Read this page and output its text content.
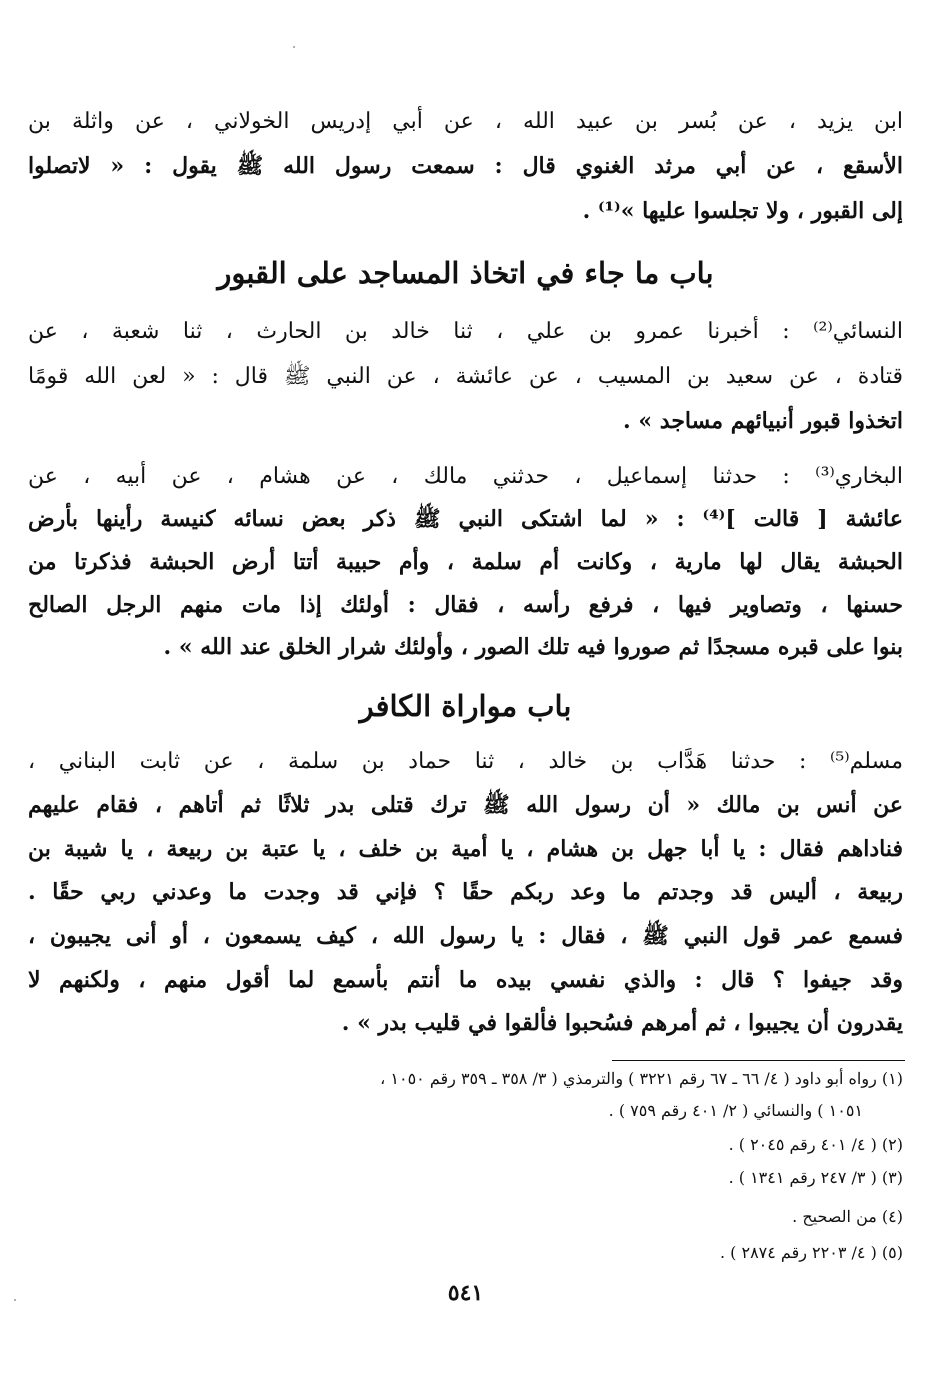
ابن يزيد ، عن بُسر بن عبيد الله ، عن أبي إدريس الخولاني ، عن واثلة بن
الأسقع ، عن أبي مرثد الغنوي قال : سمعت رسول الله ﷺ يقول : « لاتصلوا
إلى القبور ، ولا تجلسوا عليها »⁽¹⁾ .
باب ما جاء في اتخاذ المساجد على القبور
النسائي⁽²⁾ : أخبرنا عمرو بن علي ، ثنا خالد بن الحارث ، ثنا شعبة ، عن
قتادة ، عن سعيد بن المسيب ، عن عائشة ، عن النبي ﷺ قال : « لعن الله قومًا
اتخذوا قبور أنبيائهم مساجد » .
البخاري⁽³⁾ : حدثنا إسماعيل ، حدثني مالك ، عن هشام ، عن أبيه ، عن
عائشة [ قالت ]⁽⁴⁾ : « لما اشتكى النبي ﷺ ذكر بعض نسائه كنيسة رأينها بأرض
الحبشة يقال لها مارية ، وكانت أم سلمة ، وأم حبيبة أتتا أرض الحبشة فذكرتا من
حسنها ، وتصاوير فيها ، فرفع رأسه ، فقال : أولئك إذا مات منهم الرجل الصالح
بنوا على قبره مسجدًا ثم صوروا فيه تلك الصور ، وأولئك شرار الخلق عند الله » .
باب مواراة الكافر
مسلم⁽⁵⁾ : حدثنا هَدَّاب بن خالد ، ثنا حماد بن سلمة ، عن ثابت البناني ،
عن أنس بن مالك « أن رسول الله ﷺ ترك قتلى بدر ثلاثًا ثم أتاهم ، فقام عليهم
فناداهم فقال : يا أبا جهل بن هشام ، يا أمية بن خلف ، يا عتبة بن ربيعة ، يا شيبة بن
ربيعة ، أليس قد وجدتم ما وعد ربكم حقًا ؟ فإني قد وجدت ما وعدني ربي حقًا .
فسمع عمر قول النبي ﷺ ، فقال : يا رسول الله ، كيف يسمعون ، أو أنى يجيبون ،
وقد جيفوا ؟ قال : والذي نفسي بيده ما أنتم بأسمع لما أقول منهم ، ولكنهم لا
يقدرون أن يجيبوا ، ثم أمرهم فسُحبوا فألقوا في قليب بدر » .
(١) رواه أبو داود ( ٤/ ٦٦ ـ ٦٧ رقم ٣٢٢١ ) والترمذي ( ٣/ ٣٥٨ ـ ٣٥٩ رقم ١٠٥٠ ،
١٠٥١ ) والنسائي ( ٢/ ٤٠١ رقم ٧٥٩ ) .
(٢) ( ٤/ ٤٠١ رقم ٢٠٤٥ ) .
(٣) ( ٣/ ٢٤٧ رقم ١٣٤١ ) .
(٤) من الصحيح .
(٥) ( ٤/ ٢٢٠٣ رقم ٢٨٧٤ ) .
٥٤١
